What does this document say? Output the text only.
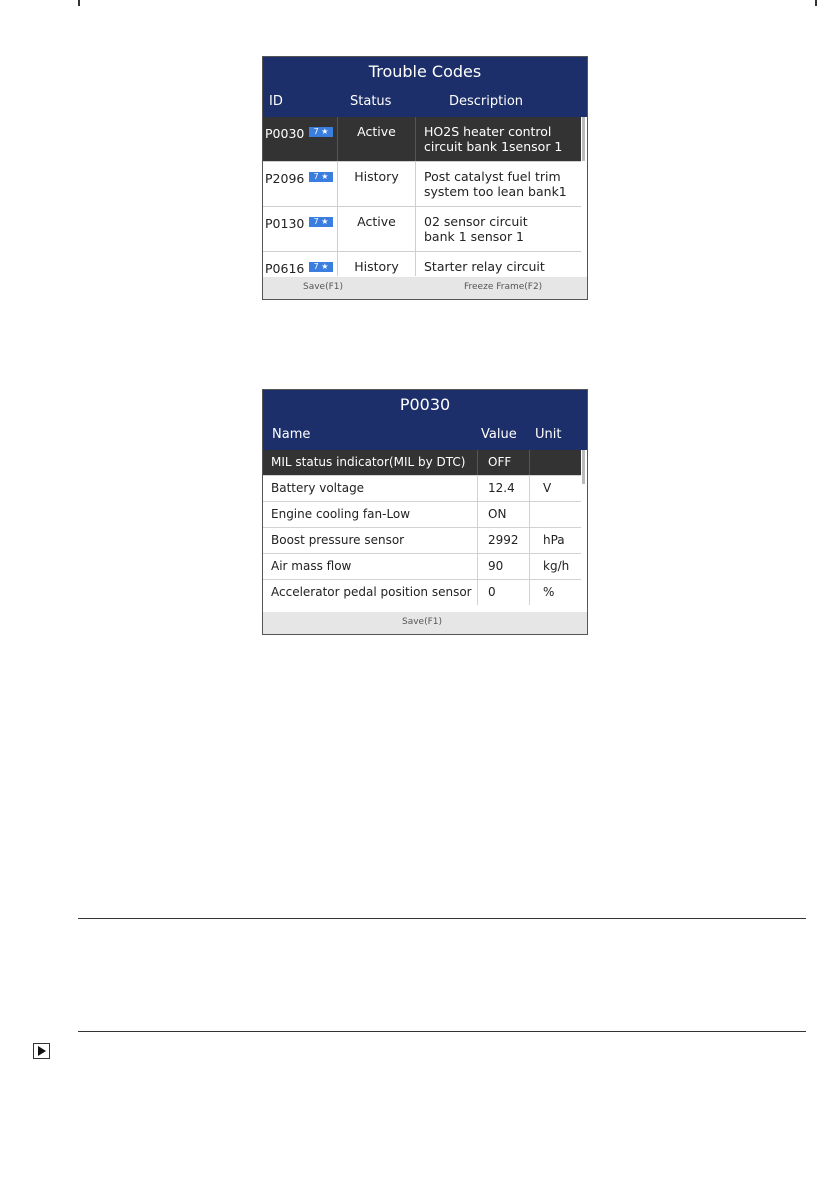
Trouble Codes
ID	Status	Description
P0030	7 ★	Active	HO2S heater control
circuit bank 1sensor 1
P2096	7 ★	History	Post catalyst fuel trim
system too lean bank1
P0130	7 ★	Active	02 sensor circuit
bank 1 sensor 1
P0616	7 ★	History	Starter relay circuit
Save(F1)	Freeze Frame(F2)
P0030
Name	Value Unit
MIL status indicator(MIL by DTC)	OFF
Battery voltage	12.4	V
Engine cooling fan-Low	ON
Boost pressure sensor	2992	hPa
Air mass flow	90	kg/h
Accelerator pedal position sensor	0	%
Save(F1)
